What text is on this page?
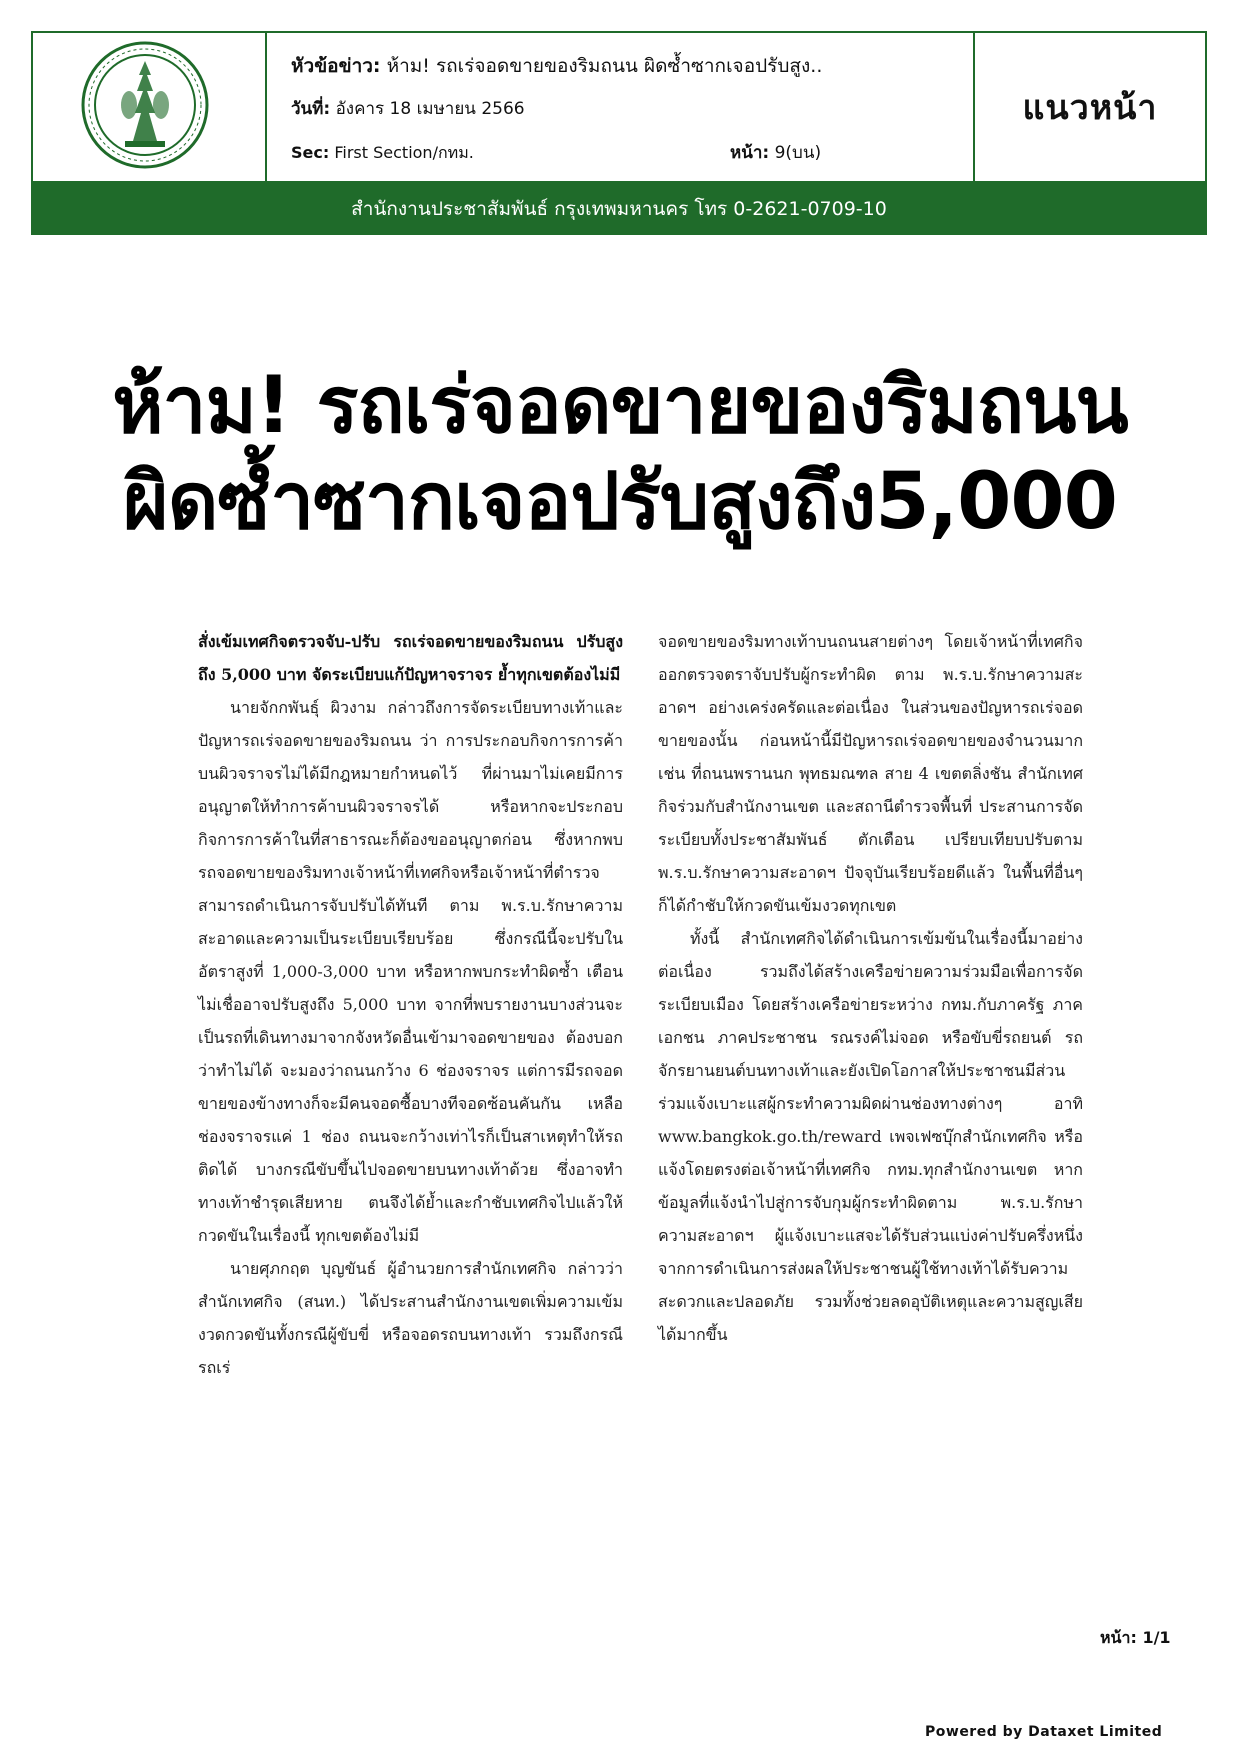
หัวข้อข่าว: ห้าม! รถเร่จอดขายของริมถนน ผิดซ้ำซากเจอปรับสูง..
วันที่: อังคาร 18 เมษายน 2566
Sec: First Section/กทม.	หน้า: 9(บน)
แนวหน้า
สำนักงานประชาสัมพันธ์ กรุงเทพมหานคร โทร 0-2621-0709-10
ห้าม! รถเร่จอดขายของริมถนน
ผิดซ้ำซากเจอปรับสูงถึง5,000

สั่งเข้มเทศกิจตรวจจับ-ปรับ รถเร่จอดขายของริมถนน ปรับสูงถึง 5,000 บาท จัดระเบียบแก้ปัญหาจราจร ย้ำทุกเขตต้องไม่มี

นายจักกพันธุ์ ผิวงาม กล่าวถึงการจัดระเบียบทางเท้าและปัญหารถเร่จอดขายของริมถนน ว่า การประกอบกิจการการค้าบนผิวจราจรไม่ได้มีกฎหมายกำหนดไว้ ที่ผ่านมาไม่เคยมีการอนุญาตให้ทำการค้าบนผิวจราจรได้ หรือหากจะประกอบกิจการการค้าในที่สาธารณะก็ต้องขออนุญาตก่อน ซึ่งหากพบรถจอดขายของริมทางเจ้าหน้าที่เทศกิจหรือเจ้าหน้าที่ตำรวจสามารถดำเนินการจับปรับได้ทันที ตาม พ.ร.บ.รักษาความสะอาดและความเป็นระเบียบเรียบร้อย ซึ่งกรณีนี้จะปรับในอัตราสูงที่ 1,000-3,000 บาท หรือหากพบกระทำผิดซ้ำ เตือนไม่เชื่ออาจปรับสูงถึง 5,000 บาท จากที่พบรายงานบางส่วนจะเป็นรถที่เดินทางมาจากจังหวัดอื่นเข้ามาจอดขายของ ต้องบอกว่าทำไม่ได้ จะมองว่าถนนกว้าง 6 ช่องจราจร แต่การมีรถจอดขายของข้างทางก็จะมีคนจอดซื้อบางทีจอดซ้อนคันกัน เหลือช่องจราจรแค่ 1 ช่อง ถนนจะกว้างเท่าไรก็เป็นสาเหตุทำให้รถติดได้ บางกรณีขับขึ้นไปจอดขายบนทางเท้าด้วย ซึ่งอาจทำทางเท้าชำรุดเสียหาย ตนจึงได้ย้ำและกำชับเทศกิจไปแล้วให้กวดขันในเรื่องนี้ ทุกเขตต้องไม่มี

นายศุภกฤต บุญขันธ์ ผู้อำนวยการสำนักเทศกิจ กล่าวว่า สำนักเทศกิจ (สนท.) ได้ประสานสำนักงานเขตเพิ่มความเข้มงวดกวดขันทั้งกรณีผู้ขับขี่ หรือจอดรถบนทางเท้า รวมถึงกรณีรถเร่

จอดขายของริมทางเท้าบนถนนสายต่างๆ โดยเจ้าหน้าที่เทศกิจออกตรวจตราจับปรับผู้กระทำผิด ตาม พ.ร.บ.รักษาความสะอาดฯ อย่างเคร่งครัดและต่อเนื่อง ในส่วนของปัญหารถเร่จอดขายของนั้น ก่อนหน้านี้มีปัญหารถเร่จอดขายของจำนวนมาก เช่น ที่ถนนพรานนก พุทธมณฑล สาย 4 เขตตลิ่งชัน สำนักเทศกิจร่วมกับสำนักงานเขต และสถานีตำรวจพื้นที่ ประสานการจัดระเบียบทั้งประชาสัมพันธ์ ตักเตือน เปรียบเทียบปรับตาม พ.ร.บ.รักษาความสะอาดฯ ปัจจุบันเรียบร้อยดีแล้ว ในพื้นที่อื่นๆ ก็ได้กำชับให้กวดขันเข้มงวดทุกเขต

ทั้งนี้ สำนักเทศกิจได้ดำเนินการเข้มข้นในเรื่องนี้มาอย่างต่อเนื่อง รวมถึงได้สร้างเครือข่ายความร่วมมือเพื่อการจัดระเบียบเมือง โดยสร้างเครือข่ายระหว่าง กทม.กับภาครัฐ ภาคเอกชน ภาคประชาชน รณรงค์ไม่จอด หรือขับขี่รถยนต์ รถจักรยานยนต์บนทางเท้าและยังเปิดโอกาสให้ประชาชนมีส่วนร่วมแจ้งเบาะแสผู้กระทำความผิดผ่านช่องทางต่างๆ อาทิ www.bangkok.go.th/reward เพจเฟซบุ๊กสำนักเทศกิจ หรือแจ้งโดยตรงต่อเจ้าหน้าที่เทศกิจ กทม.ทุกสำนักงานเขต หากข้อมูลที่แจ้งนำไปสู่การจับกุมผู้กระทำผิดตาม พ.ร.บ.รักษาความสะอาดฯ ผู้แจ้งเบาะแสจะได้รับส่วนแบ่งค่าปรับครึ่งหนึ่ง จากการดำเนินการส่งผลให้ประชาชนผู้ใช้ทางเท้าได้รับความสะดวกและปลอดภัย รวมทั้งช่วยลดอุบัติเหตุและความสูญเสียได้มากขึ้น

หน้า: 1/1
Powered by Dataxet Limited
